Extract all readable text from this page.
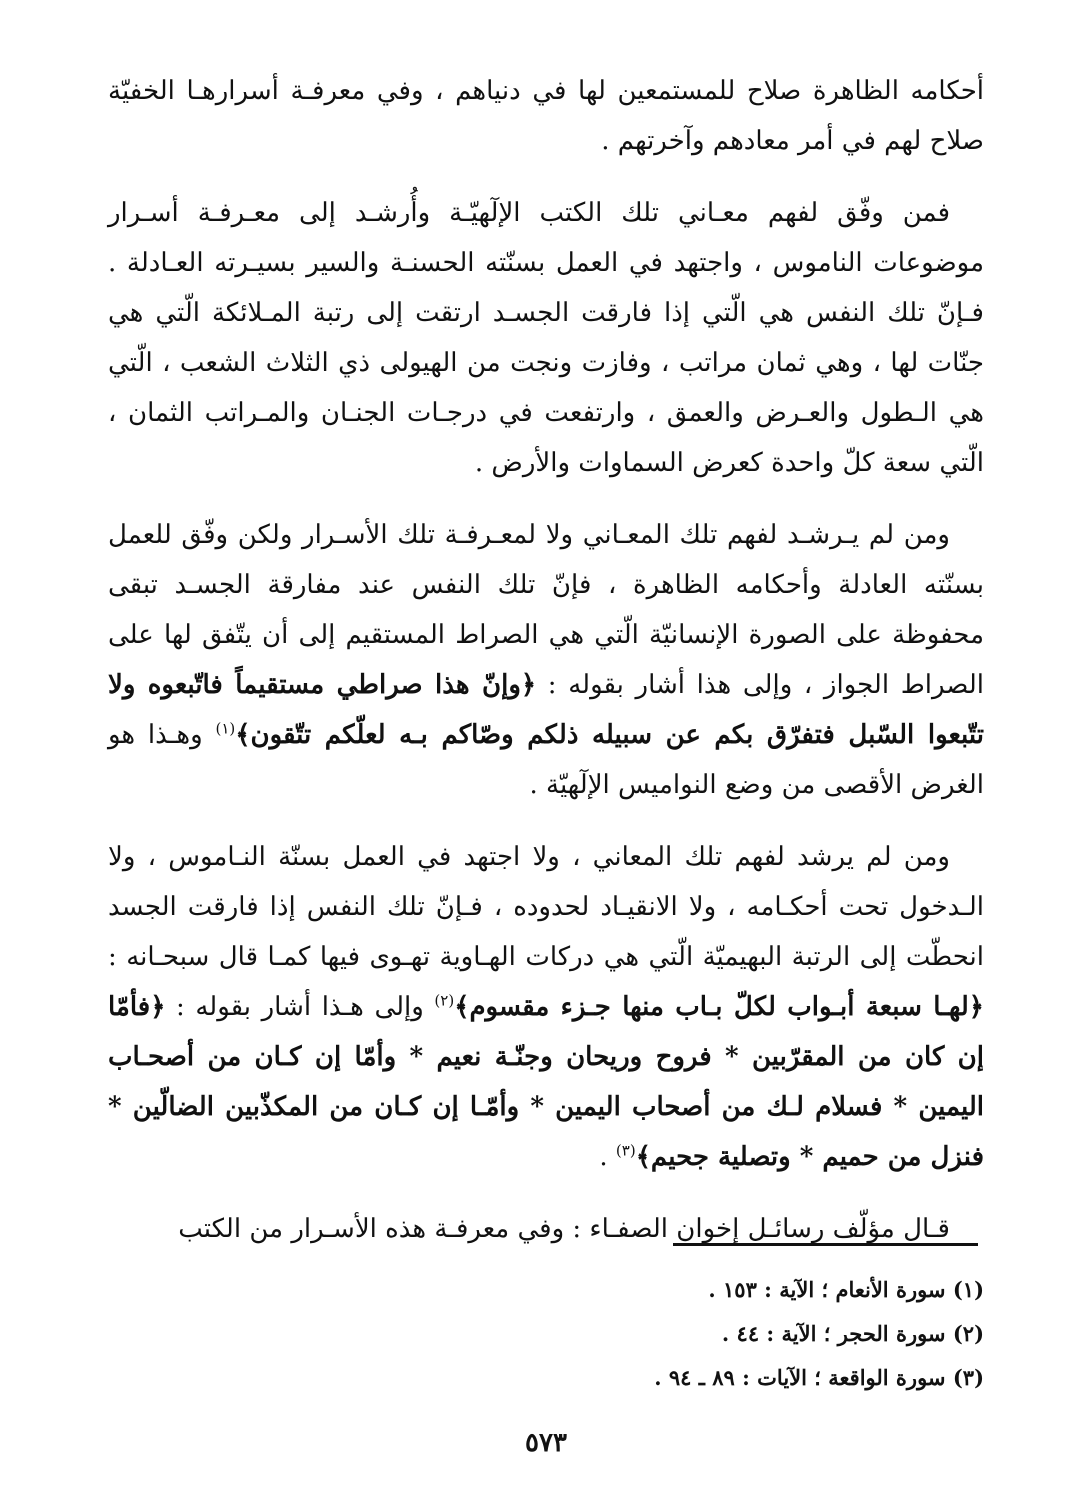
أحكامه الظاهرة صلاح للمستمعين لها في دنياهم ، وفي معرفـة أسرارهـا الخفيّة صلاح لهم في أمر معادهم وآخرتهم .

فمن وفّق لفهم معـاني تلك الكتب الإلٓهيّـة وأُرشـد إلى معـرفـة أسـرار موضوعات الناموس ، واجتهد في العمل بسنّته الحسنـة والسير بسيـرته العـادلة . فـإنّ تلك النفس هي الّتي إذا فارقت الجسـد ارتقت إلى رتبة المـلائكة الّتي هي جنّات لها ، وهي ثمان مراتب ، وفازت ونجت من الهيولى ذي الثلاث الشعب ، الّتي هي الـطول والعـرض والعمق ، وارتفعت في درجـات الجنـان والمـراتب الثمان ، الّتي سعة كلّ واحدة كعرض السماوات والأرض .

ومن لم يـرشـد لفهم تلك المعـاني ولا لمعـرفـة تلك الأسـرار ولكن وفّق للعمل بسنّته العادلة وأحكامه الظاهرة ، فإنّ تلك النفس عند مفارقة الجسـد تبقى محفوظة على الصورة الإنسانيّة الّتي هي الصراط المستقيم إلى أن يتّفق لها على الصراط الجواز ، وإلى هذا أشار بقوله : ﴿وإنّ هذا صراطي مستقيماً فاتّبعوه ولا تتّبعوا السّبل فتفرّق بكم عن سبيله ذلكم وصّاكم بـه لعلّكم تتّقون﴾$^{(١)}$ وهـذا هو الغرض الأقصى من وضع النواميس الإلٓهيّة .

ومن لم يرشد لفهم تلك المعاني ، ولا اجتهد في العمل بسنّة النـاموس ، ولا الـدخول تحت أحكـامه ، ولا الانقيـاد لحدوده ، فـإنّ تلك النفس إذا فارقت الجسد انحطّت إلى الرتبة البهيميّة الّتي هي دركات الهـاوية تهـوى فيها كمـا قال سبحـانه : ﴿لهـا سبعة أبـواب لكلّ بـاب منها جـزء مقسوم﴾$^{(٢)}$ وإلى هـذا أشار بقوله : ﴿فأمّا إن كان من المقرّبين * فروح وريحان وجنّـة نعيم * وأمّا إن كـان من أصحـاب اليمين * فسلام لـك من أصحاب اليمين * وأمّـا إن كـان من المكذّبين الضالّين * فنزل من حميم * وتصلية جحيم﴾$^{(٣)}$ .

قـال مؤلّف رسائـل إخوان الصفـاء : وفي معرفـة هذه الأسـرار من الكتب

(١) سورة الأنعام ؛ الآية : ١٥٣ .

(٢) سورة الحجر ؛ الآية : ٤٤ .

(٣) سورة الواقعة ؛ الآيات : ٨٩ ـ ٩٤ .

٥٧٣
